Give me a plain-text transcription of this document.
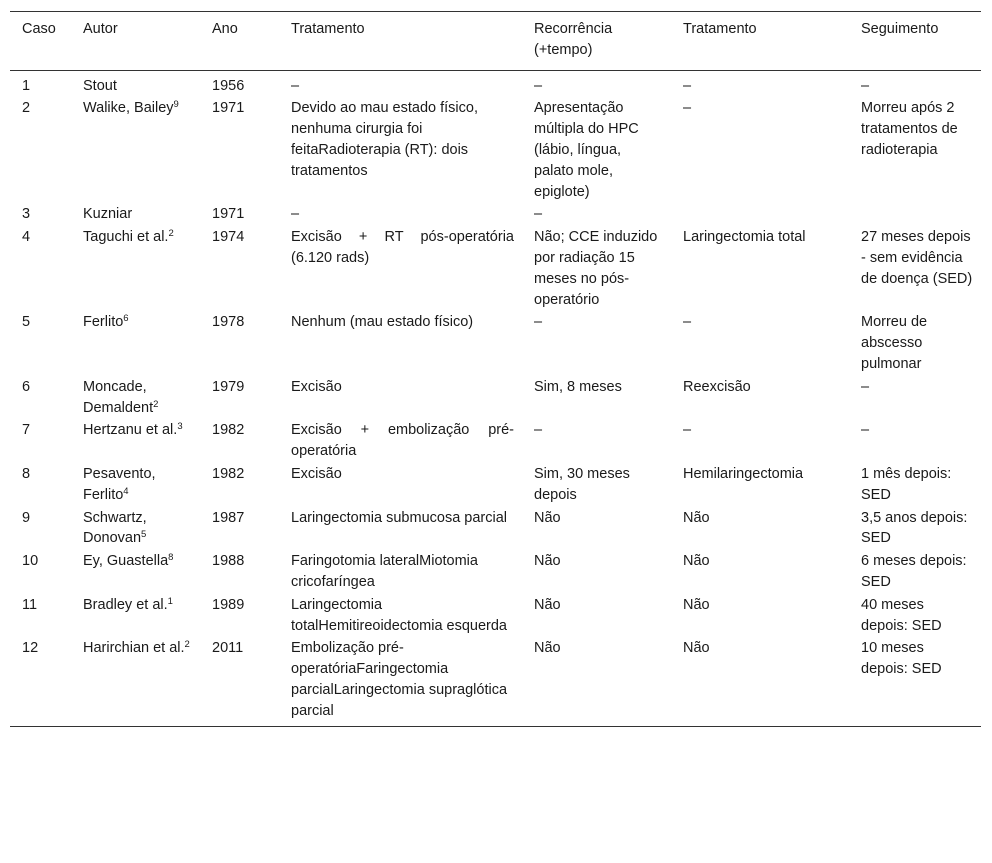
Caso	Autor	Ano	Tratamento	Recorrência (+tempo)	Tratamento	Seguimento
1	Stout	1956	–	–	–	–
2	Walike, Bailey$^9$	1971	Devido ao mau estado físico, nenhuma cirurgia foi feitaRadioterapia (RT): dois tratamentos	Apresentação múltipla do HPC (lábio, língua, palato mole, epiglote)	–	Morreu após 2 tratamentos de radioterapia
3	Kuzniar	1971	–	–		
4	Taguchi et al.$^2$	1974	Excisão + RT pós-operatória (6.120 rads)	Não; CCE induzido por radiação 15 meses no pós-operatório	Laringectomia total	27 meses depois - sem evidência de doença (SED)
5	Ferlito$^6$	1978	Nenhum (mau estado físico)	–	–	Morreu de abscesso pulmonar
6	Moncade, Demaldent$^2$	1979	Excisão	Sim, 8 meses	Reexcisão	–
7	Hertzanu et al.$^3$	1982	Excisão + embolização pré-operatória	–	–	–
8	Pesavento, Ferlito$^4$	1982	Excisão	Sim, 30 meses depois	Hemilaringectomia	1 mês depois: SED
9	Schwartz, Donovan$^5$	1987	Laringectomia submucosa parcial	Não	Não	3,5 anos depois: SED
10	Ey, Guastella$^8$	1988	Faringotomia lateralMiotomia cricofaríngea	Não	Não	6 meses depois: SED
11	Bradley et al.$^1$	1989	Laringectomia totalHemitireoidectomia esquerda	Não	Não	40 meses depois: SED
12	Harirchian et al.$^2$	2011	Embolização pré-operatóriaFaringectomia parcialLaringectomia supraglótica parcial	Não	Não	10 meses depois: SED
